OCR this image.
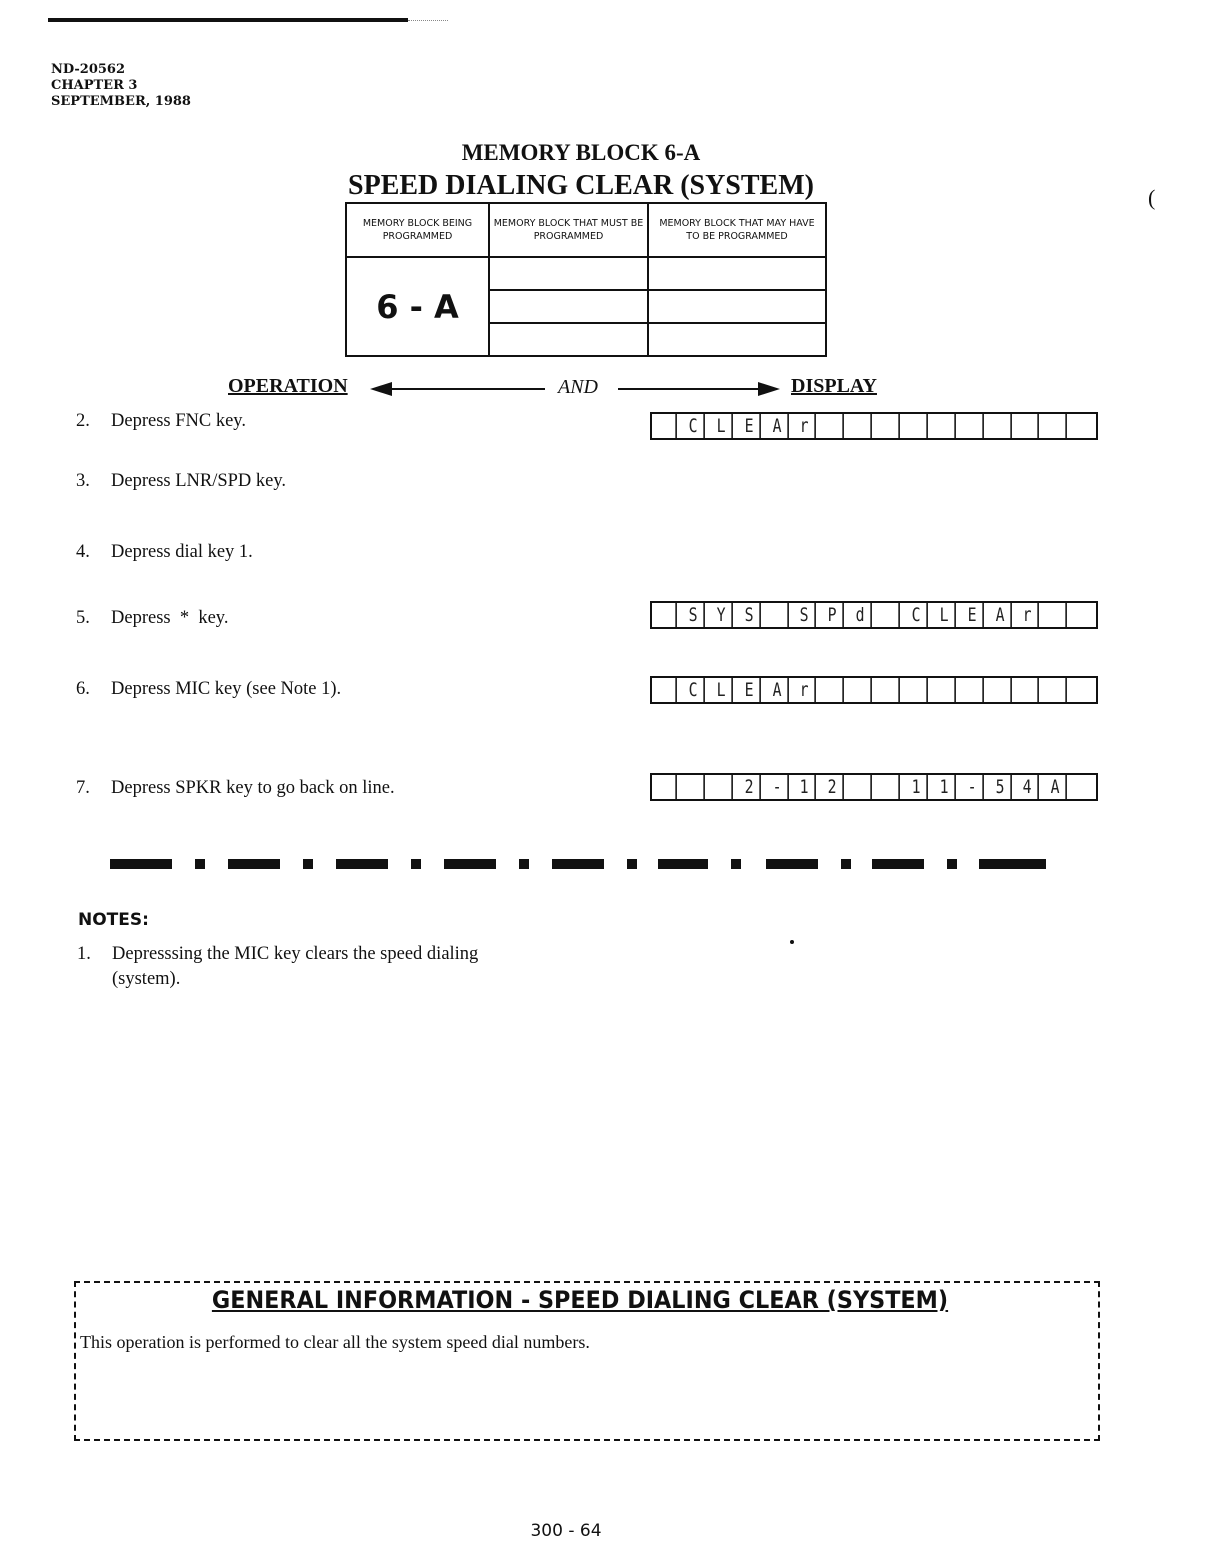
ND-20562
CHAPTER 3
SEPTEMBER, 1988
(
MEMORY BLOCK 6-A
SPEED DIALING CLEAR (SYSTEM)
MEMORY BLOCK BEING PROGRAMMED	MEMORY BLOCK THAT MUST BE PROGRAMMED	MEMORY BLOCK THAT MAY HAVE TO BE PROGRAMMED
6 - A		

OPERATION	AND	DISPLAY
2. Depress FNC key.
3. Depress LNR/SPD key.
4. Depress dial key 1.
5. Depress  *  key.
6. Depress MIC key (see Note 1).
7. Depress SPKR key to go back on line.
C L E A r
S Y S	S P d	C L E A r
C L E A r
2 - 1 2	1 1 - 5 4 A
NOTES:
1. Depresssing the MIC key clears the speed dialing
(system).
GENERAL INFORMATION - SPEED DIALING CLEAR (SYSTEM)
This operation is performed to clear all the system speed dial numbers.
300 - 64
